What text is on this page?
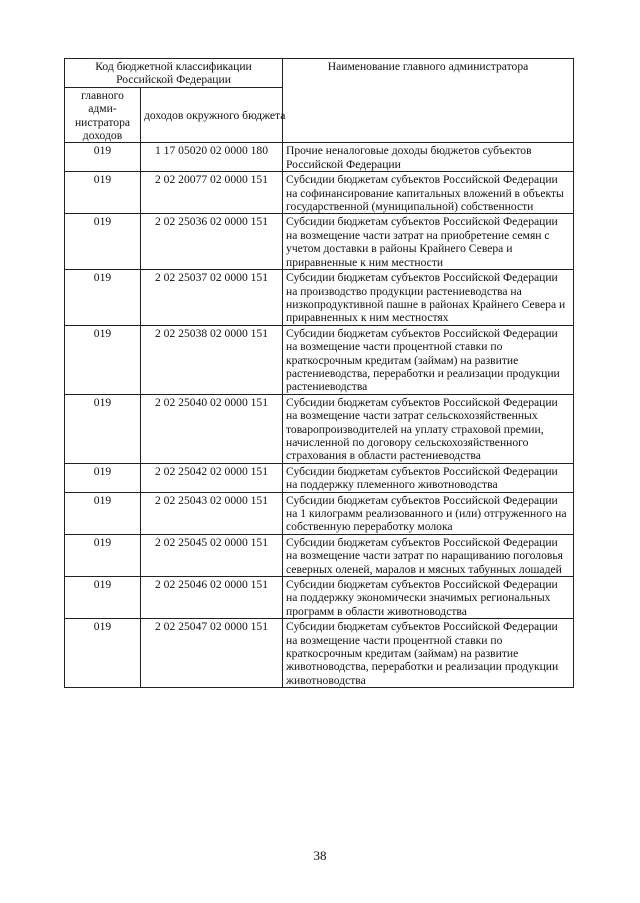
Код бюджетной классификации Российской Федерации		Наименование главного администратора
главного адми-нистратора доходов	доходов окружного бюджета	
019	1 17 05020 02 0000 180	Прочие неналоговые доходы бюджетов субъектов Российской Федерации
019	2 02 20077 02 0000 151	Субсидии бюджетам субъектов Российской Федерации на софинансирование капитальных вложений в объекты государственной (муниципальной) собственности
019	2 02 25036 02 0000 151	Субсидии бюджетам субъектов Российской Федерации на возмещение части затрат на приобретение семян с учетом доставки в районы Крайнего Севера и приравненные к ним местности
019	2 02 25037 02 0000 151	Субсидии бюджетам субъектов Российской Федерации на производство продукции растениеводства на низкопродуктивной пашне в районах Крайнего Севера и приравненных к ним местностях
019	2 02 25038 02 0000 151	Субсидии бюджетам субъектов Российской Федерации на возмещение части процентной ставки по краткосрочным кредитам (займам) на развитие растениеводства, переработки и реализации продукции растениеводства
019	2 02 25040 02 0000 151	Субсидии бюджетам субъектов Российской Федерации на возмещение части затрат сельскохозяйственных товаропроизводителей на уплату страховой премии, начисленной по договору сельскохозяйственного страхования в области растениеводства
019	2 02 25042 02 0000 151	Субсидии бюджетам субъектов Российской Федерации на поддержку племенного животноводства
019	2 02 25043 02 0000 151	Субсидии бюджетам субъектов Российской Федерации на 1 килограмм реализованного и (или) отгруженного на собственную переработку молока
019	2 02 25045 02 0000 151	Субсидии бюджетам субъектов Российской Федерации на возмещение части затрат по наращиванию поголовья северных оленей, маралов и мясных табунных лошадей
019	2 02 25046 02 0000 151	Субсидии бюджетам субъектов Российской Федерации на поддержку экономически значимых региональных программ в области животноводства
019	2 02 25047 02 0000 151	Субсидии бюджетам субъектов Российской Федерации на возмещение части процентной ставки по краткосрочным кредитам (займам) на развитие животноводства, переработки и реализации продукции животноводства
38
